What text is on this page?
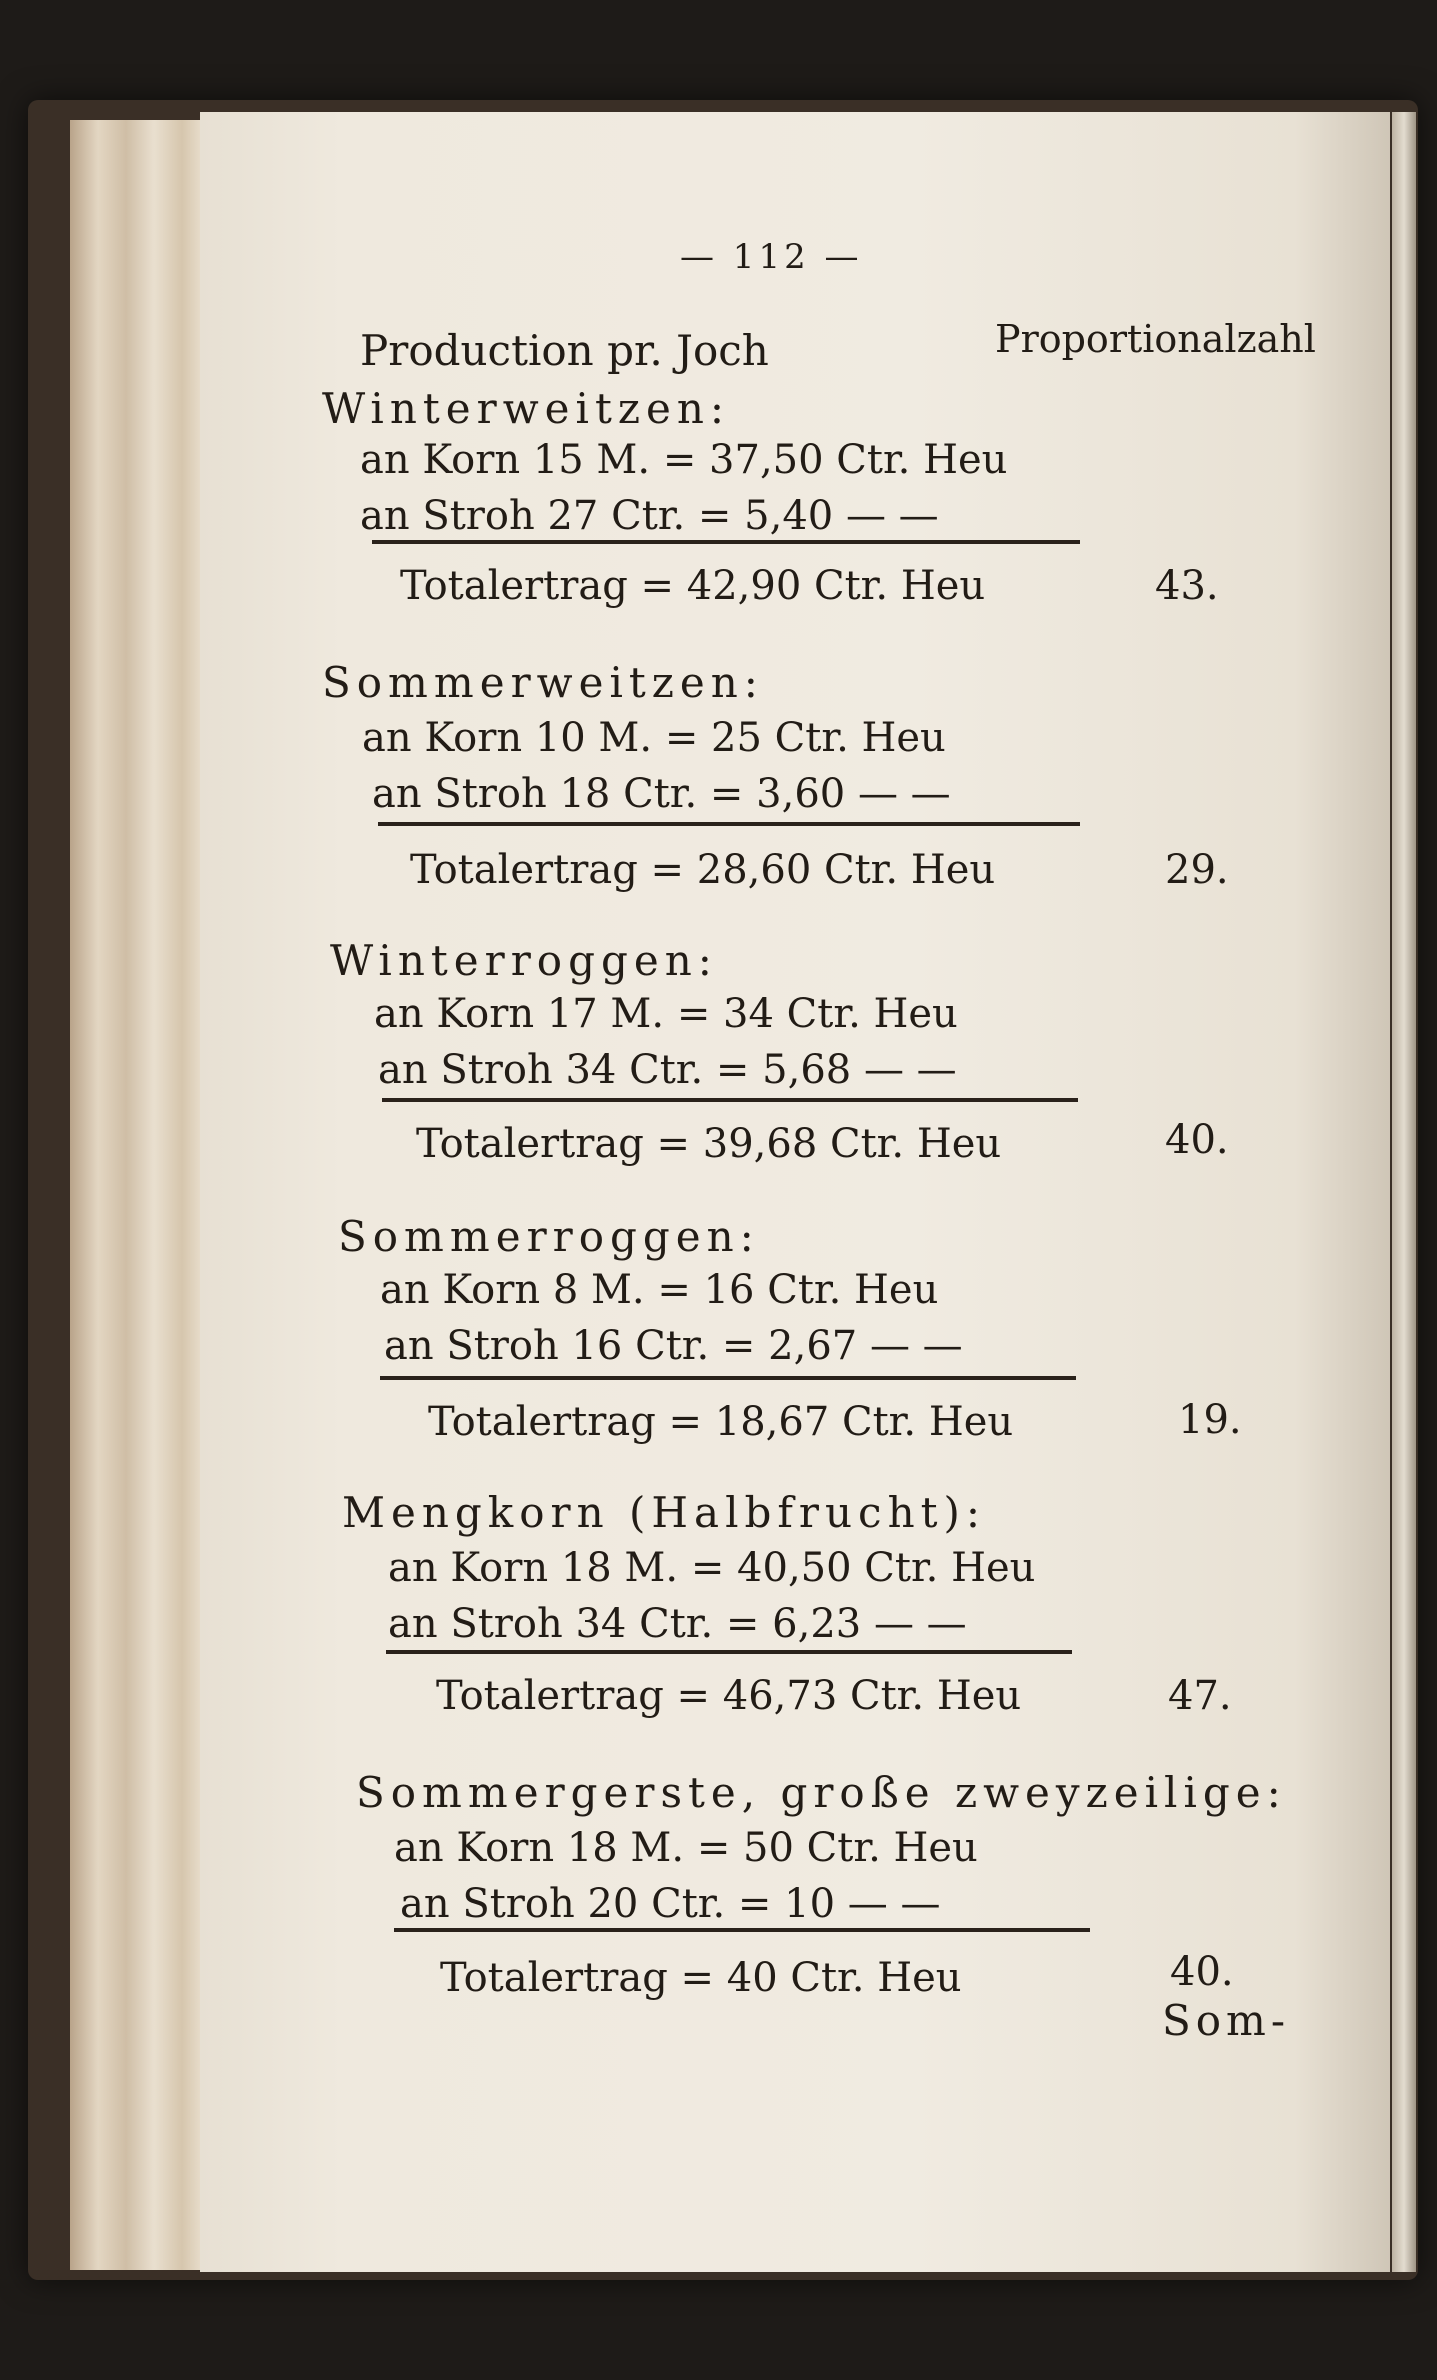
— 112 —
Production pr. Joch	Proportionalzahl
Winterweitzen:
an Korn 15 M. = 37,50 Ctr. Heu
an Stroh 27 Ctr. = 5,40 — —
Totalertrag = 42,90 Ctr. Heu	43.
Sommerweitzen:
an Korn 10 M. = 25 Ctr. Heu
an Stroh 18 Ctr. = 3,60 — —
Totalertrag = 28,60 Ctr. Heu	29.
Winterroggen:
an Korn 17 M. = 34 Ctr. Heu
an Stroh 34 Ctr. = 5,68 — —
Totalertrag = 39,68 Ctr. Heu	40.
Sommerroggen:
an Korn 8 M. = 16 Ctr. Heu
an Stroh 16 Ctr. = 2,67 — —
Totalertrag = 18,67 Ctr. Heu	19.
Mengkorn (Halbfrucht):
an Korn 18 M. = 40,50 Ctr. Heu
an Stroh 34 Ctr. = 6,23 — —
Totalertrag = 46,73 Ctr. Heu	47.
Sommergerste, große zweyzeilige:
an Korn 18 M. = 50 Ctr. Heu
an Stroh 20 Ctr. = 10 — —
Totalertrag = 40 Ctr. Heu	40.
Som-
